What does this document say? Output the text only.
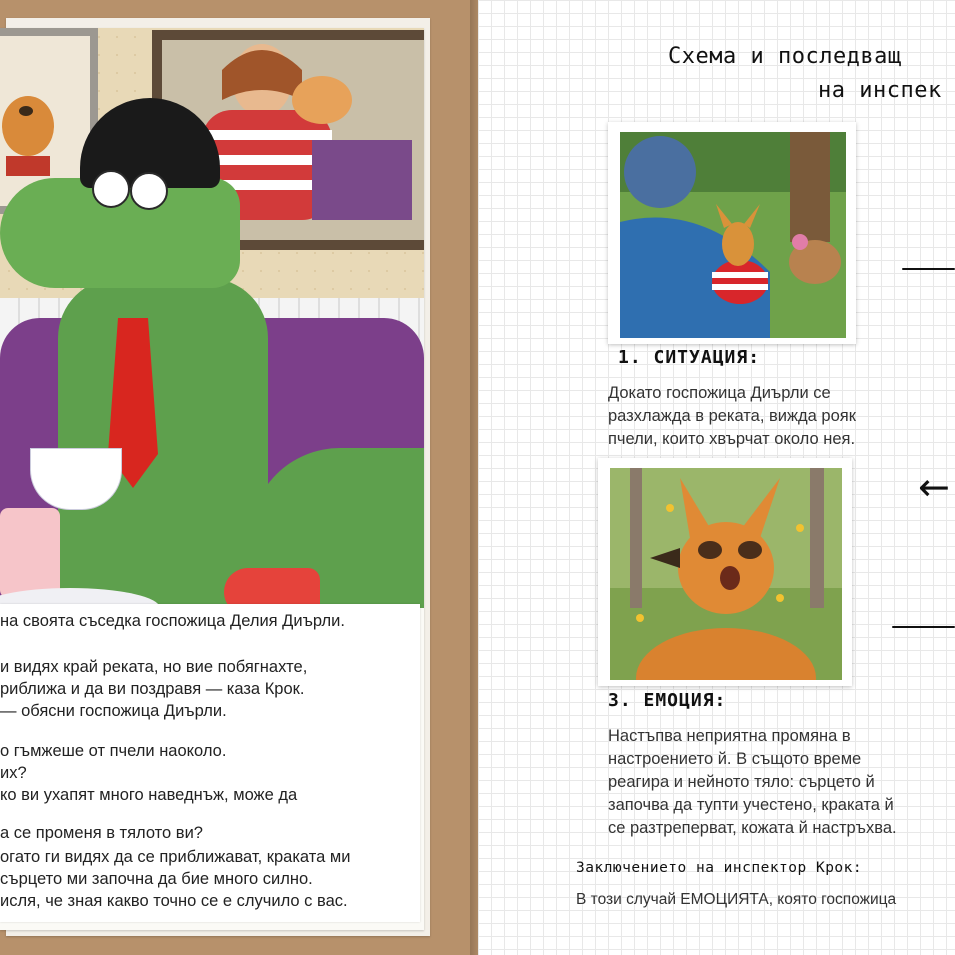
на своята съседка госпожица Делия Диърли.

и видях край реката, но вие побягнахте,

риближа и да ви поздравя — каза Крок.

— обясни госпожица Диърли.

о гъмжеше от пчели наоколо.

их?

ко ви ухапят много наведнъж, може да

а се променя в тялото ви?

огато ги видях да се приближават, краката ми

сърцето ми започна да бие много силно.

исля, че зная какво точно се е случило с вас.

Схема и последващ
на инспек
1. СИТУАЦИЯ:

Докато госпожица Диърли се

разхлажда в реката, вижда рояк

пчели, които хвърчат около нея.

3. ЕМОЦИЯ:

Настъпва неприятна промяна в

настроението й. В същото време

реагира и нейното тяло: сърцето й

започва да тупти учестено, краката й

се разтреперват, кожата й настръхва.

Заключението на инспектор Крок:

В този случай ЕМОЦИЯТА, която госпожица

←
